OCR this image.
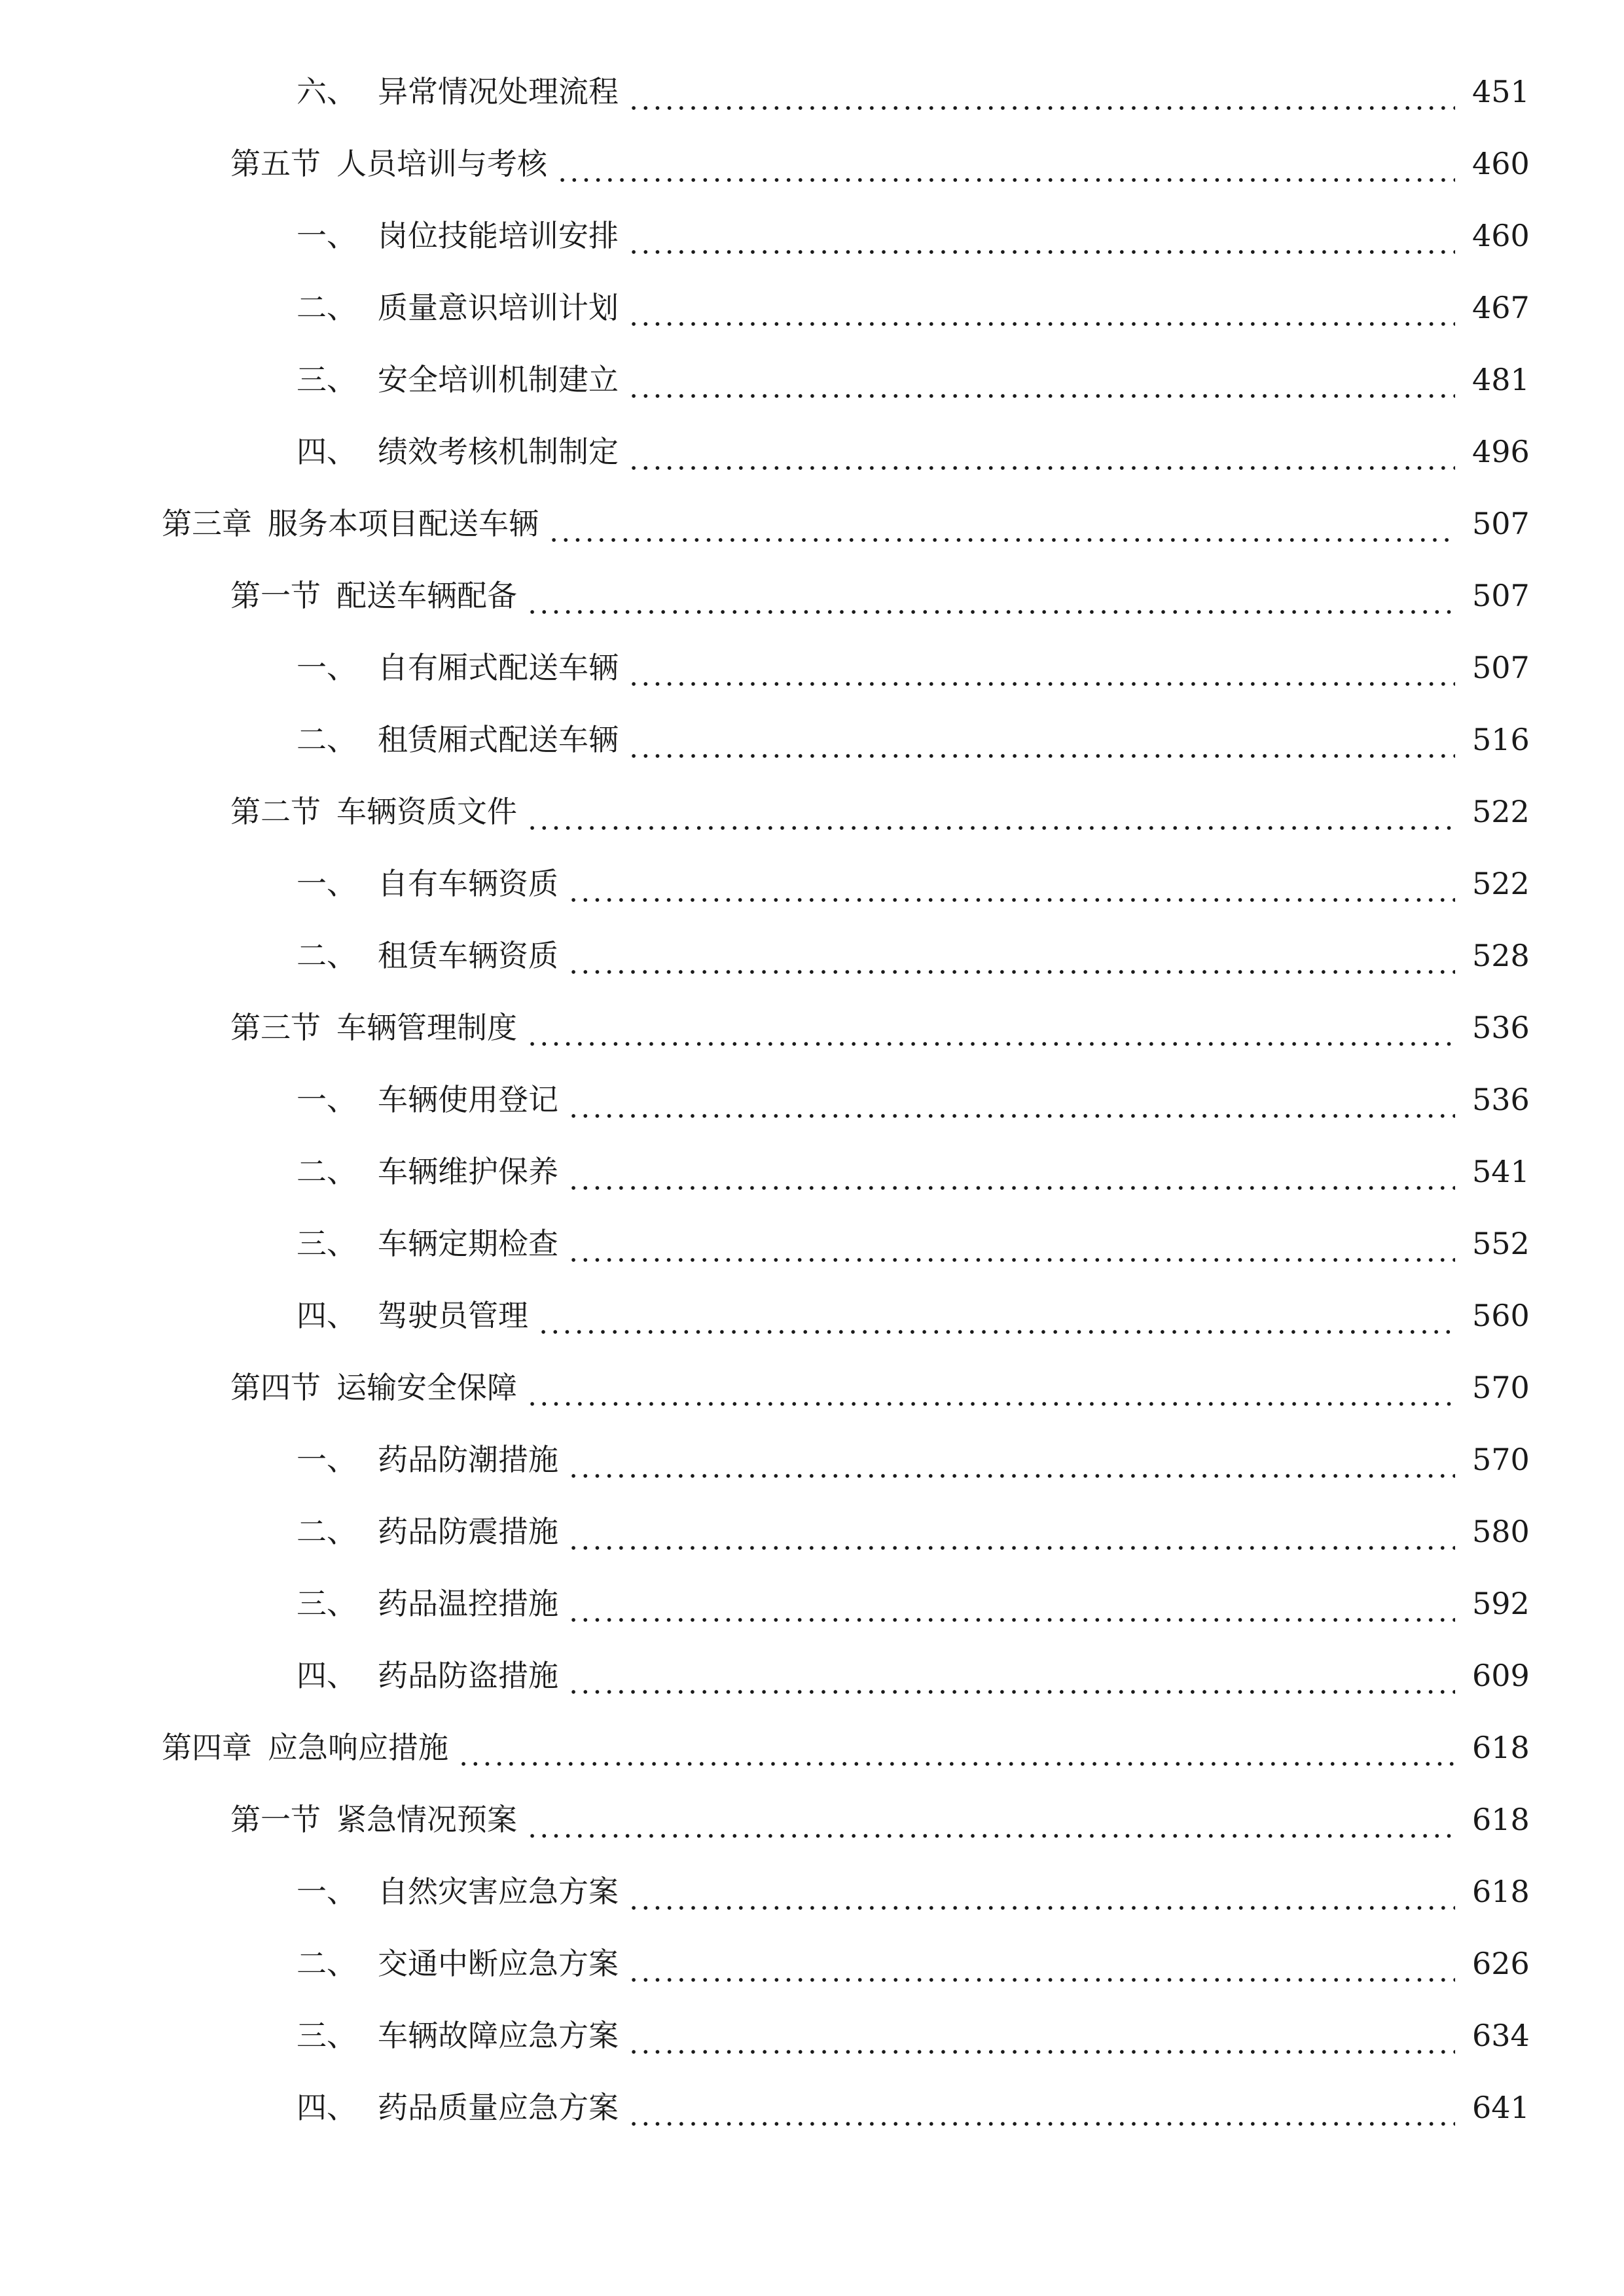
六、 异常情况处理流程	451
第五节 人员培训与考核	460
一、 岗位技能培训安排	460
二、 质量意识培训计划	467
三、 安全培训机制建立	481
四、 绩效考核机制制定	496
第三章 服务本项目配送车辆	507
第一节 配送车辆配备	507
一、 自有厢式配送车辆	507
二、 租赁厢式配送车辆	516
第二节 车辆资质文件	522
一、 自有车辆资质	522
二、 租赁车辆资质	528
第三节 车辆管理制度	536
一、 车辆使用登记	536
二、 车辆维护保养	541
三、 车辆定期检查	552
四、 驾驶员管理	560
第四节 运输安全保障	570
一、 药品防潮措施	570
二、 药品防震措施	580
三、 药品温控措施	592
四、 药品防盗措施	609
第四章 应急响应措施	618
第一节 紧急情况预案	618
一、 自然灾害应急方案	618
二、 交通中断应急方案	626
三、 车辆故障应急方案	634
四、 药品质量应急方案	641
